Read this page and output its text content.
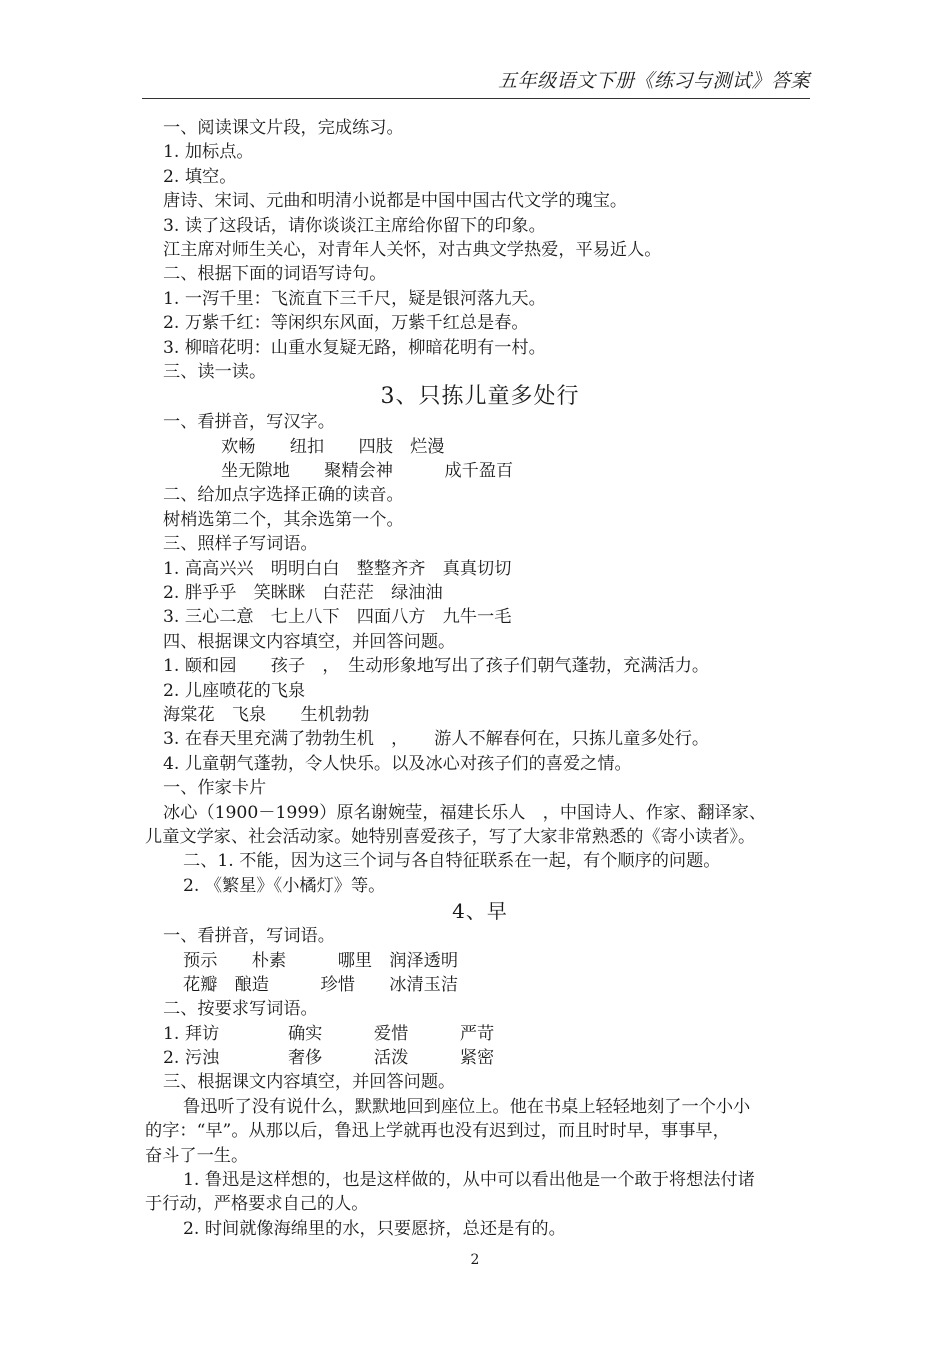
五年级语文下册《练习与测试》答案
一、阅读课文片段，完成练习。
1. 加标点。
2. 填空。
唐诗、宋词、元曲和明清小说都是中国中国古代文学的瑰宝。
3. 读了这段话，请你谈谈江主席给你留下的印象。
江主席对师生关心，对青年人关怀，对古典文学热爱，平易近人。
二、根据下面的词语写诗句。
1. 一泻千里：飞流直下三千尺，疑是银河落九天。
2. 万紫千红：等闲织东风面，万紫千红总是春。
3. 柳暗花明：山重水复疑无路，柳暗花明有一村。
三、读一读。
3、只拣儿童多处行
一、看拼音，写汉字。
欢畅　　纽扣　　四肢　烂漫
坐无隙地　　聚精会神　　　成千盈百
二、给加点字选择正确的读音。
树梢选第二个，其余选第一个。
三、照样子写词语。
1. 高高兴兴　明明白白　整整齐齐　真真切切
2. 胖乎乎　笑眯眯　白茫茫　绿油油
3. 三心二意　七上八下　四面八方　九牛一毛
四、根据课文内容填空，并回答问题。
1. 颐和园　　孩子　，　生动形象地写出了孩子们朝气蓬勃，充满活力。
2. 儿座喷花的飞泉
海棠花　飞泉　　生机勃勃
3. 在春天里充满了勃勃生机　，　　游人不解春何在，只拣儿童多处行。
4. 儿童朝气蓬勃，令人快乐。以及冰心对孩子们的喜爱之情。
一、作家卡片
冰心（1900－1999）原名谢婉莹，福建长乐人　，中国诗人、作家、翻译家、
儿童文学家、社会活动家。她特别喜爱孩子，写了大家非常熟悉的《寄小读者》。
二、1. 不能，因为这三个词与各自特征联系在一起，有个顺序的问题。
2. 《繁星》《小橘灯》等。
4、早
一、看拼音，写词语。
预示　　朴素　　　哪里　润泽透明
花瓣　酿造　　　珍惜　　冰清玉洁
二、按要求写词语。
1. 拜访　　　　确实　　　爱惜　　　严苛
2. 污浊　　　　奢侈　　　活泼　　　紧密
三、根据课文内容填空，并回答问题。
鲁迅听了没有说什么，默默地回到座位上。他在书桌上轻轻地刻了一个小小
的字：“早”。从那以后，鲁迅上学就再也没有迟到过，而且时时早，事事早，
奋斗了一生。
1. 鲁迅是这样想的，也是这样做的，从中可以看出他是一个敢于将想法付诸
于行动，严格要求自己的人。
2. 时间就像海绵里的水，只要愿挤，总还是有的。
2
